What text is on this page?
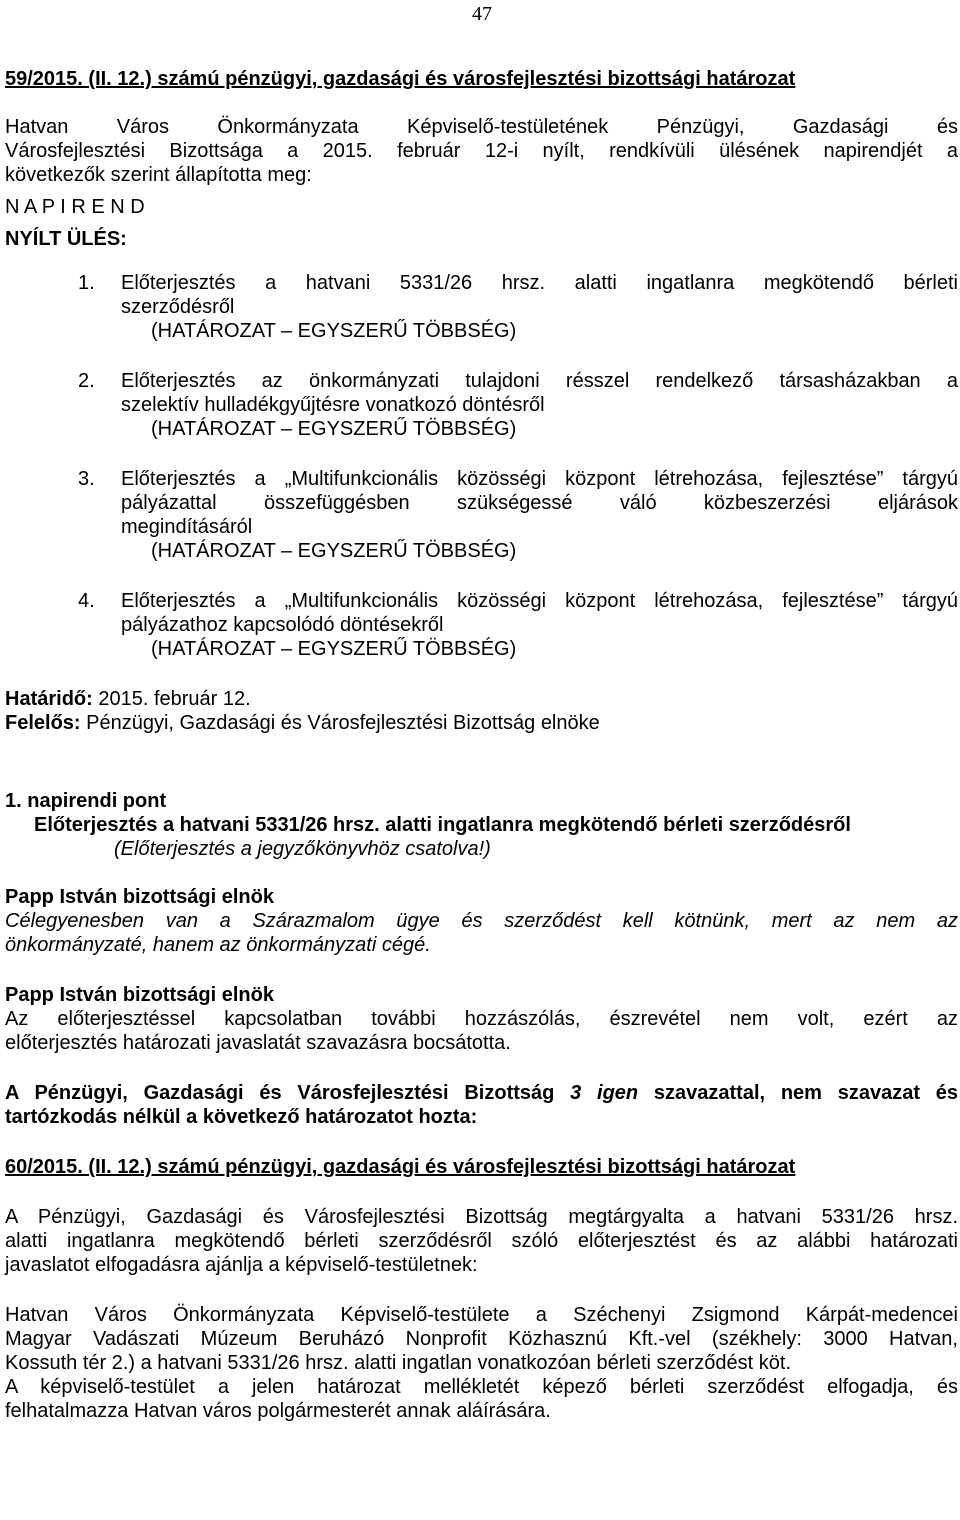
47

59/2015. (II. 12.) számú pénzügyi, gazdasági és városfejlesztési bizottsági határozat

Hatvan Város Önkormányzata Képviselő-testületének Pénzügyi, Gazdasági és

Városfejlesztési Bizottsága a 2015. február 12-i nyílt, rendkívüli ülésének napirendjét a

következők szerint állapította meg:

N A P I R E N D

NYÍLT ÜLÉS:

1. Előterjesztés a hatvani 5331/26 hrsz. alatti ingatlanra megkötendő bérleti

szerződésről

(HATÁROZAT – EGYSZERŰ TÖBBSÉG)

2. Előterjesztés az önkormányzati tulajdoni résszel rendelkező társasházakban a

szelektív hulladékgyűjtésre vonatkozó döntésről

(HATÁROZAT – EGYSZERŰ TÖBBSÉG)

3. Előterjesztés a „Multifunkcionális közösségi központ létrehozása, fejlesztése” tárgyú

pályázattal összefüggésben szükségessé váló közbeszerzési eljárások

megindításáról

(HATÁROZAT – EGYSZERŰ TÖBBSÉG)

4. Előterjesztés a „Multifunkcionális közösségi központ létrehozása, fejlesztése” tárgyú

pályázathoz kapcsolódó döntésekről

(HATÁROZAT – EGYSZERŰ TÖBBSÉG)

Határidő: 2015. február 12.

Felelős: Pénzügyi, Gazdasági és Városfejlesztési Bizottság elnöke

1. napirendi pont

Előterjesztés a hatvani 5331/26 hrsz. alatti ingatlanra megkötendő bérleti szerződésről

(Előterjesztés a jegyzőkönyvhöz csatolva!)

Papp István bizottsági elnök

Célegyenesben van a Szárazmalom ügye és szerződést kell kötnünk, mert az nem az

önkormányzaté, hanem az önkormányzati cégé.

Papp István bizottsági elnök

Az előterjesztéssel kapcsolatban további hozzászólás, észrevétel nem volt, ezért az

előterjesztés határozati javaslatát szavazásra bocsátotta.

A Pénzügyi, Gazdasági és Városfejlesztési Bizottság 3 igen szavazattal, nem szavazat és

tartózkodás nélkül a következő határozatot hozta:

60/2015. (II. 12.) számú pénzügyi, gazdasági és városfejlesztési bizottsági határozat

A Pénzügyi, Gazdasági és Városfejlesztési Bizottság megtárgyalta a hatvani 5331/26 hrsz.

alatti ingatlanra megkötendő bérleti szerződésről szóló előterjesztést és az alábbi határozati

javaslatot elfogadásra ajánlja a képviselő-testületnek:

Hatvan Város Önkormányzata Képviselő-testülete a Széchenyi Zsigmond Kárpát-medencei

Magyar Vadászati Múzeum Beruházó Nonprofit Közhasznú Kft.-vel (székhely: 3000 Hatvan,

Kossuth tér 2.) a hatvani 5331/26 hrsz. alatti ingatlan vonatkozóan bérleti szerződést köt.

A képviselő-testület a jelen határozat mellékletét képező bérleti szerződést elfogadja, és

felhatalmazza Hatvan város polgármesterét annak aláírására.
